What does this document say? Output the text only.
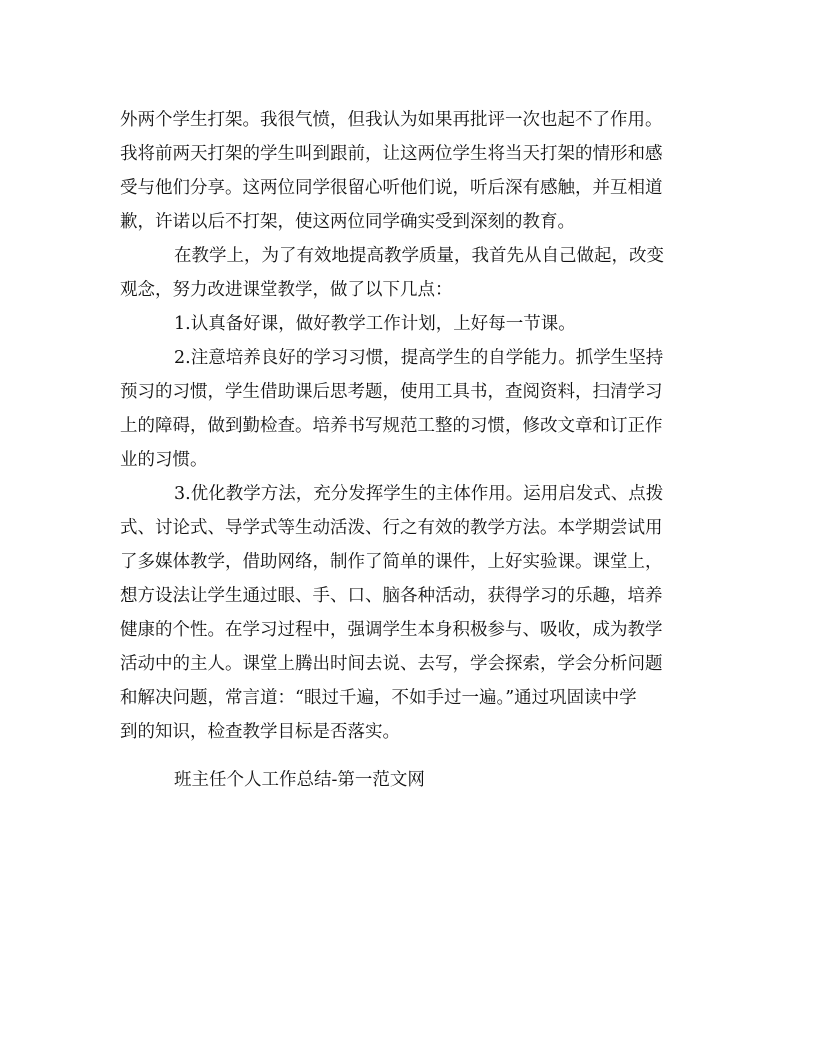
外两个学生打架。我很气愤，但我认为如果再批评一次也起不了作用。
我将前两天打架的学生叫到跟前，让这两位学生将当天打架的情形和感
受与他们分享。这两位同学很留心听他们说，听后深有感触，并互相道
歉，许诺以后不打架，使这两位同学确实受到深刻的教育。
在教学上，为了有效地提高教学质量，我首先从自己做起，改变
观念，努力改进课堂教学，做了以下几点：
1.认真备好课，做好教学工作计划，上好每一节课。
2.注意培养良好的学习习惯，提高学生的自学能力。抓学生坚持
预习的习惯，学生借助课后思考题，使用工具书，查阅资料，扫清学习
上的障碍，做到勤检查。培养书写规范工整的习惯，修改文章和订正作
业的习惯。
3.优化教学方法，充分发挥学生的主体作用。运用启发式、点拨
式、讨论式、导学式等生动活泼、行之有效的教学方法。本学期尝试用
了多媒体教学，借助网络，制作了简单的课件，上好实验课。课堂上，
想方设法让学生通过眼、手、口、脑各种活动，获得学习的乐趣，培养
健康的个性。在学习过程中，强调学生本身积极参与、吸收，成为教学
活动中的主人。课堂上腾出时间去说、去写，学会探索，学会分析问题
和解决问题，常言道：“眼过千遍，不如手过一遍。”通过巩固读中学
到的知识，检查教学目标是否落实。
班主任个人工作总结-第一范文网
